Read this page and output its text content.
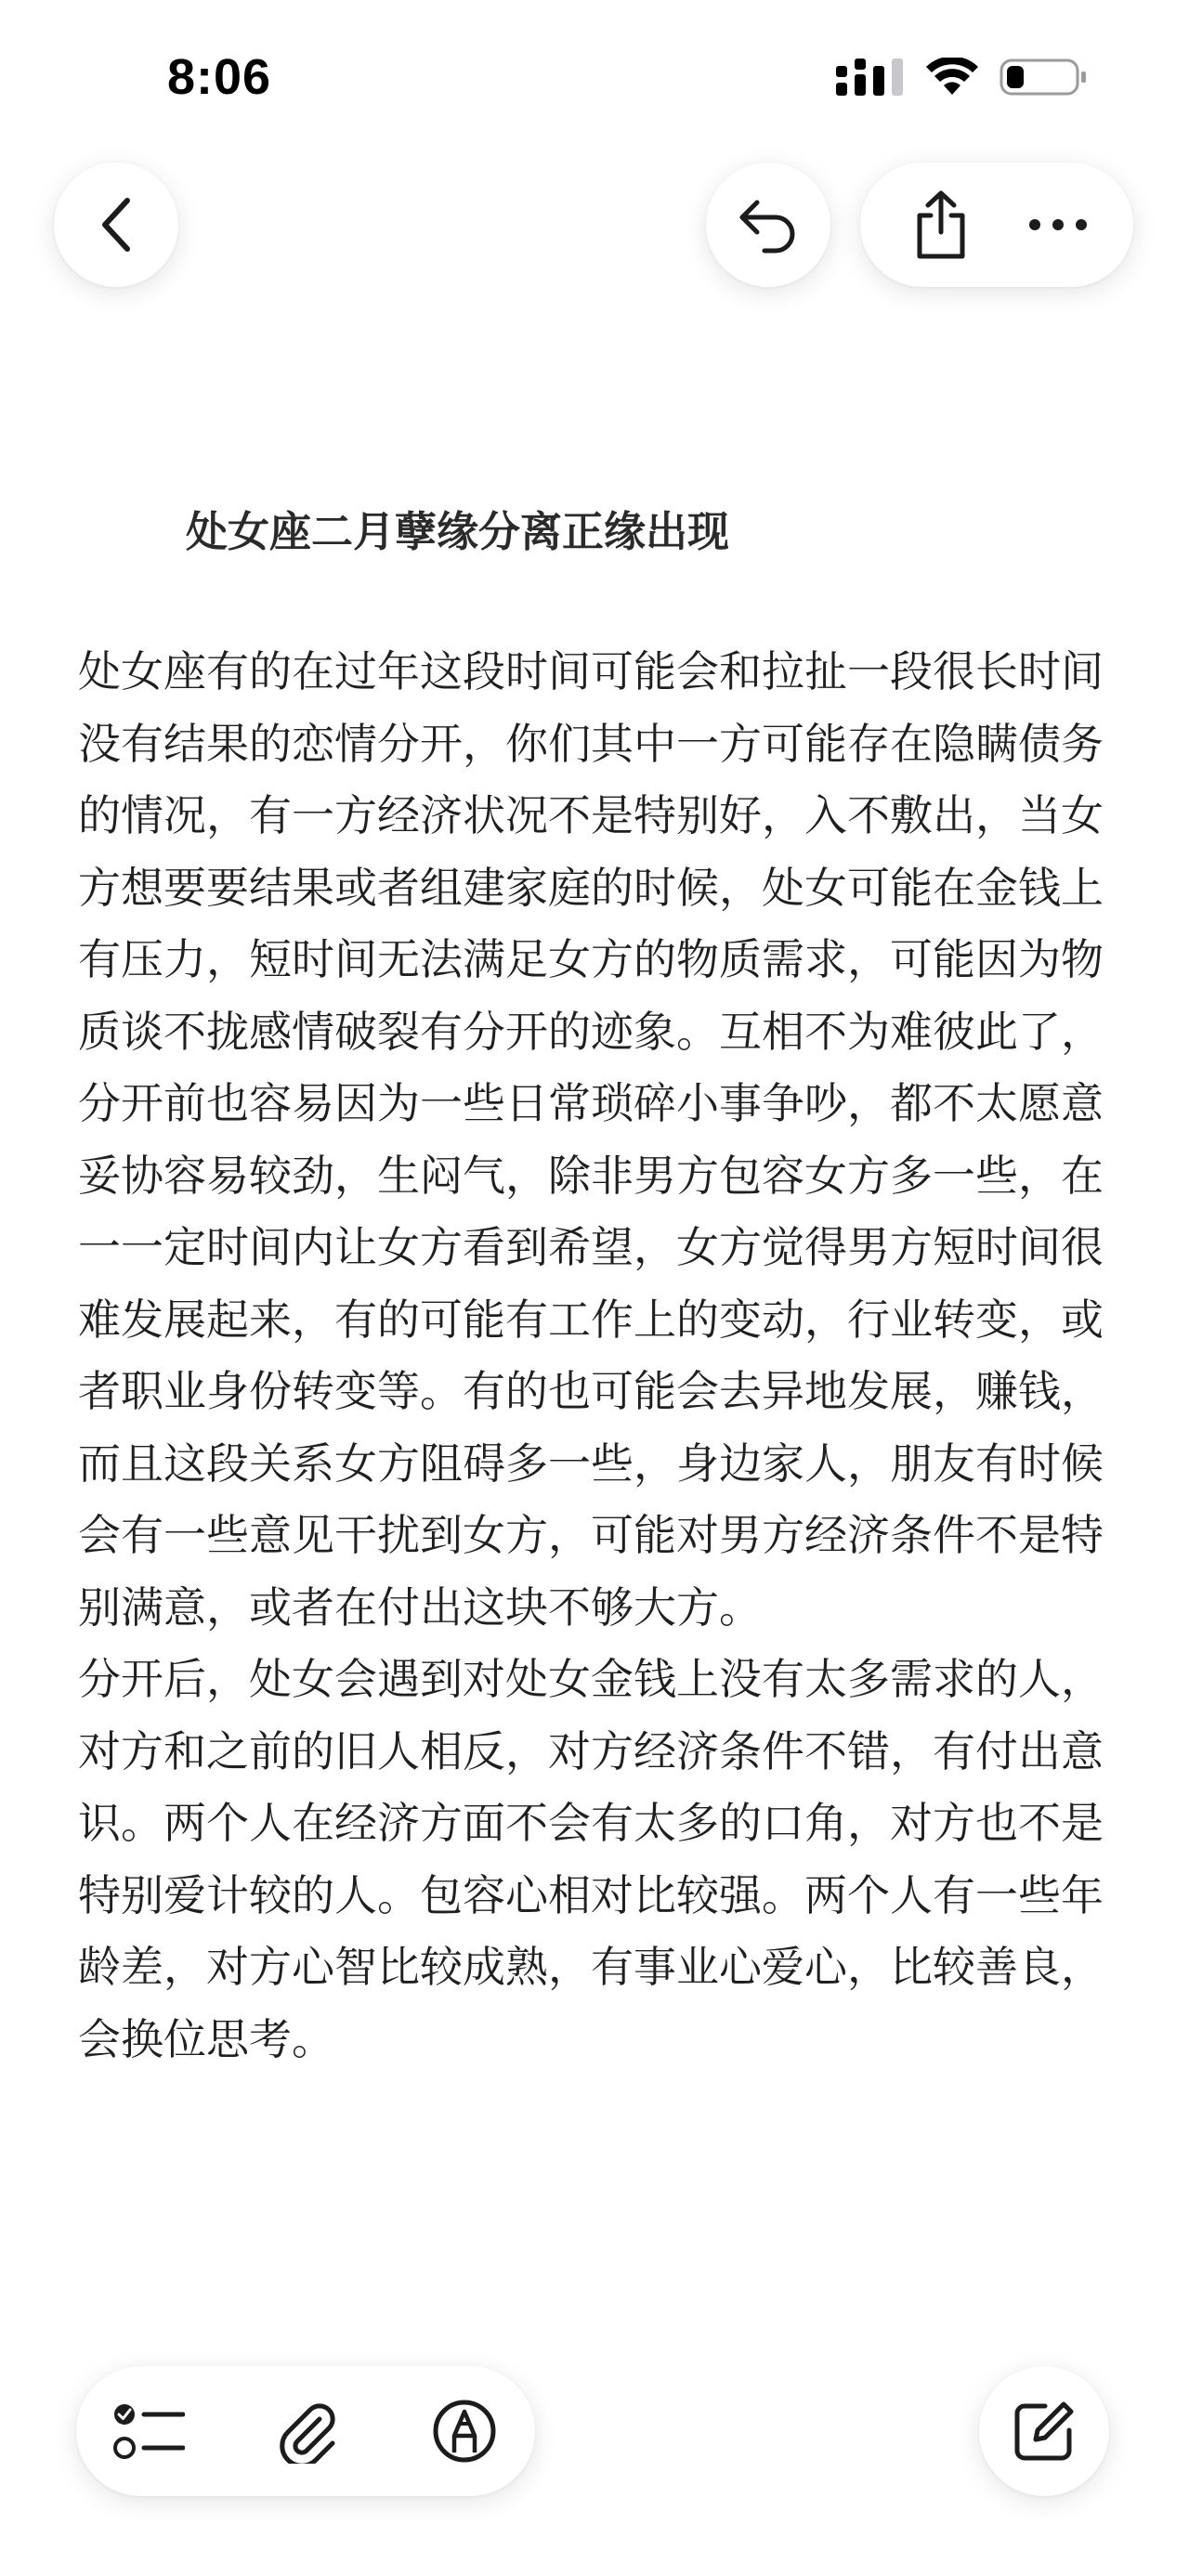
8:06
处女座二月孽缘分离正缘出现

处女座有的在过年这段时间可能会和拉扯一段很长时间没有结果的恋情分开，你们其中一方可能存在隐瞒债务的情况，有一方经济状况不是特别好，入不敷出，当女方想要要结果或者组建家庭的时候，处女可能在金钱上有压力，短时间无法满足女方的物质需求，可能因为物质谈不拢感情破裂有分开的迹象。互相不为难彼此了，分开前也容易因为一些日常琐碎小事争吵，都不太愿意妥协容易较劲，生闷气，除非男方包容女方多一些，在一一定时间内让女方看到希望，女方觉得男方短时间很难发展起来，有的可能有工作上的变动，行业转变，或者职业身份转变等。有的也可能会去异地发展，赚钱，而且这段关系女方阻碍多一些，身边家人，朋友有时候会有一些意见干扰到女方，可能对男方经济条件不是特别满意，或者在付出这块不够大方。

分开后，处女会遇到对处女金钱上没有太多需求的人，对方和之前的旧人相反，对方经济条件不错，有付出意识。两个人在经济方面不会有太多的口角，对方也不是特别爱计较的人。包容心相对比较强。两个人有一些年龄差，对方心智比较成熟，有事业心爱心，比较善良，会换位思考。
